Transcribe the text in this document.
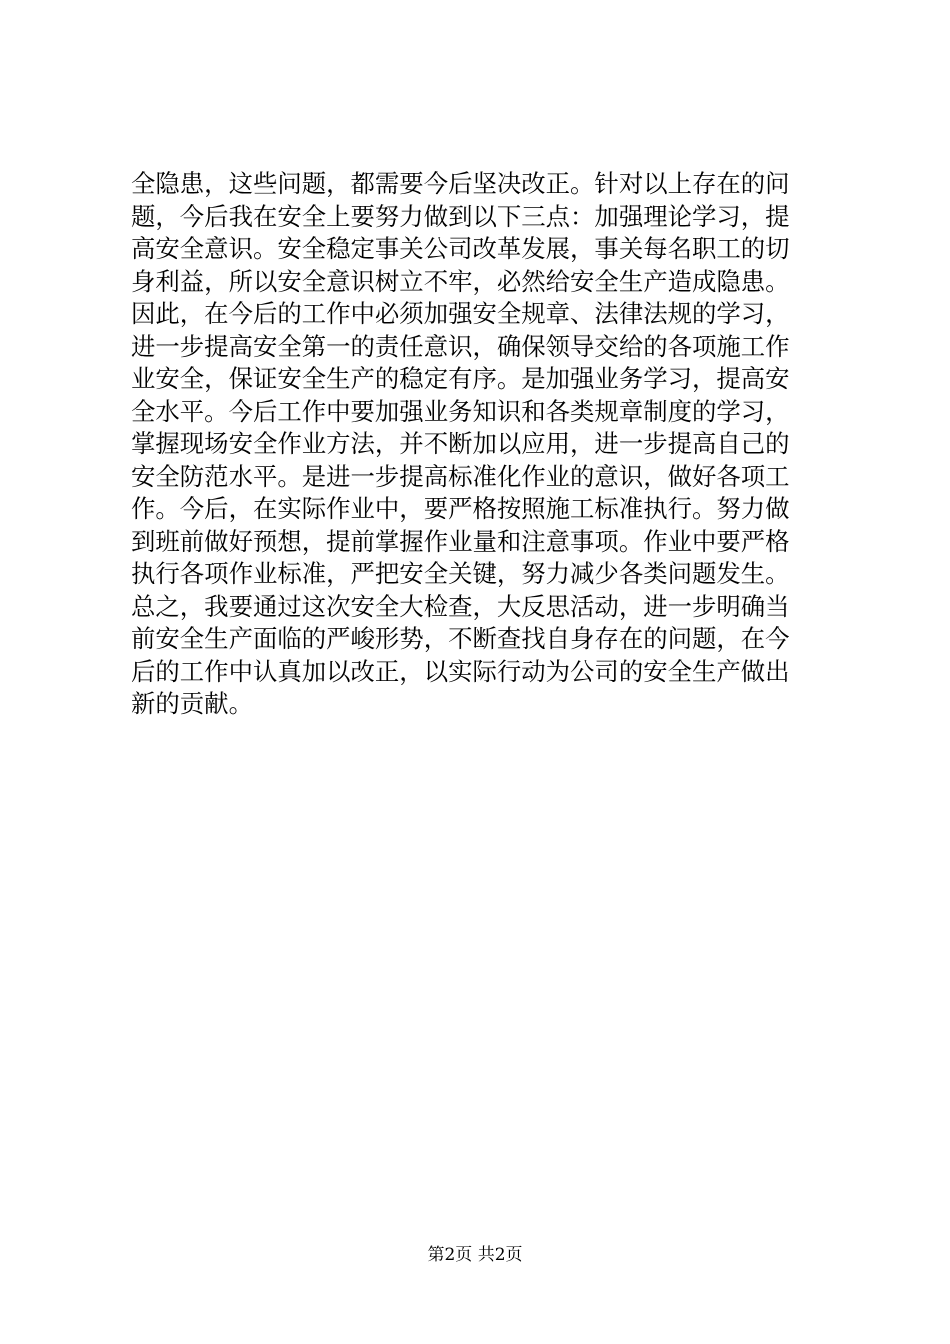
全隐患，这些问题，都需要今后坚决改正。针对以上存在的问
题，今后我在安全上要努力做到以下三点：加强理论学习，提
高安全意识。安全稳定事关公司改革发展，事关每名职工的切
身利益，所以安全意识树立不牢，必然给安全生产造成隐患。
因此，在今后的工作中必须加强安全规章、法律法规的学习，
进一步提高安全第一的责任意识，确保领导交给的各项施工作
业安全，保证安全生产的稳定有序。是加强业务学习，提高安
全水平。今后工作中要加强业务知识和各类规章制度的学习，
掌握现场安全作业方法，并不断加以应用，进一步提高自己的
安全防范水平。是进一步提高标准化作业的意识，做好各项工
作。今后，在实际作业中，要严格按照施工标准执行。努力做
到班前做好预想，提前掌握作业量和注意事项。作业中要严格
执行各项作业标准，严把安全关键，努力减少各类问题发生。
总之，我要通过这次安全大检查，大反思活动，进一步明确当
前安全生产面临的严峻形势，不断查找自身存在的问题，在今
后的工作中认真加以改正，以实际行动为公司的安全生产做出
新的贡献。
第2页 共2页
